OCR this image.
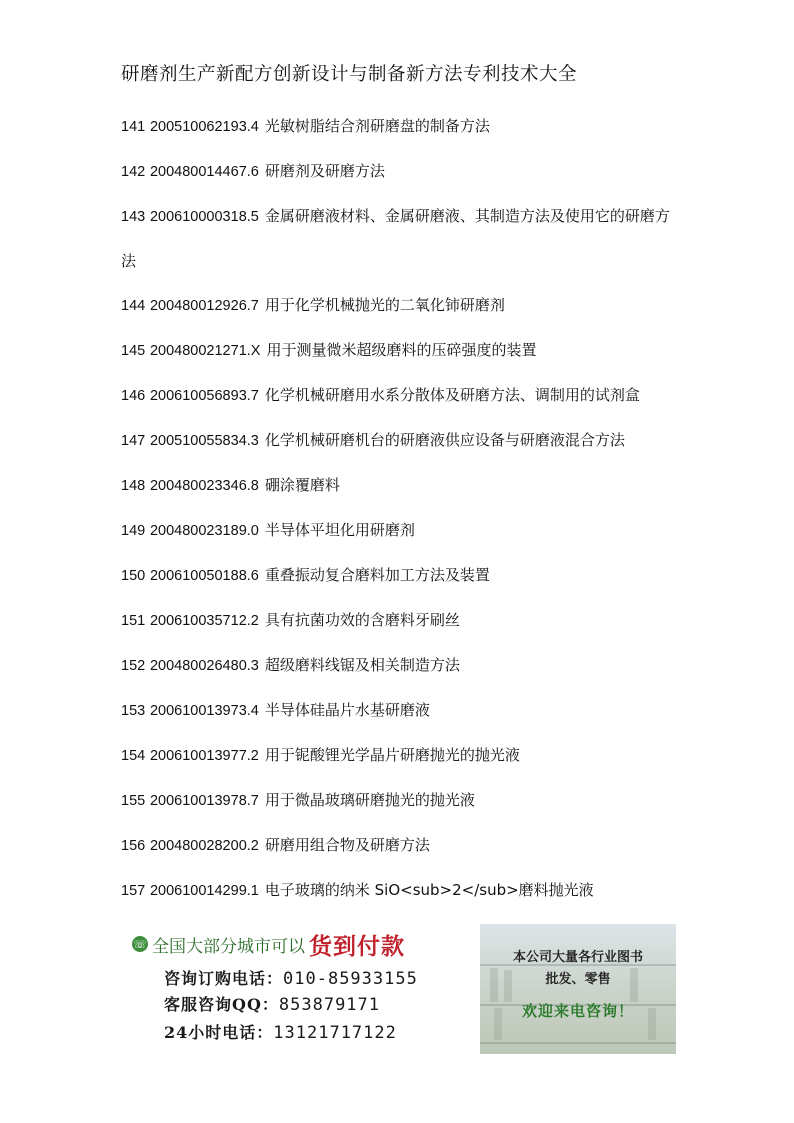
研磨剂生产新配方创新设计与制备新方法专利技术大全
141 200510062193.4 光敏树脂结合剂研磨盘的制备方法
142 200480014467.6 研磨剂及研磨方法
143 200610000318.5 金属研磨液材料、金属研磨液、其制造方法及使用它的研磨方法
144 200480012926.7 用于化学机械抛光的二氧化铈研磨剂
145 200480021271.X 用于测量微米超级磨料的压碎强度的装置
146 200610056893.7 化学机械研磨用水系分散体及研磨方法、调制用的试剂盒
147 200510055834.3 化学机械研磨机台的研磨液供应设备与研磨液混合方法
148 200480023346.8 硼涂覆磨料
149 200480023189.0 半导体平坦化用研磨剂
150 200610050188.6 重叠振动复合磨料加工方法及装置
151 200610035712.2 具有抗菌功效的含磨料牙刷丝
152 200480026480.3 超级磨料线锯及相关制造方法
153 200610013973.4 半导体硅晶片水基研磨液
154 200610013977.2 用于铌酸锂光学晶片研磨抛光的抛光液
155 200610013978.7 用于微晶玻璃研磨抛光的抛光液
156 200480028200.2 研磨用组合物及研磨方法
157 200610014299.1 电子玻璃的纳米 SiO<sub>2</sub>磨料抛光液
☏ 全国大部分城市可以 货到付款
咨询订购电话：010-85933155
客服咨询QQ：853879171
24小时电话：13121717122
本公司大量各行业图书
批发、零售
欢迎来电咨询！
